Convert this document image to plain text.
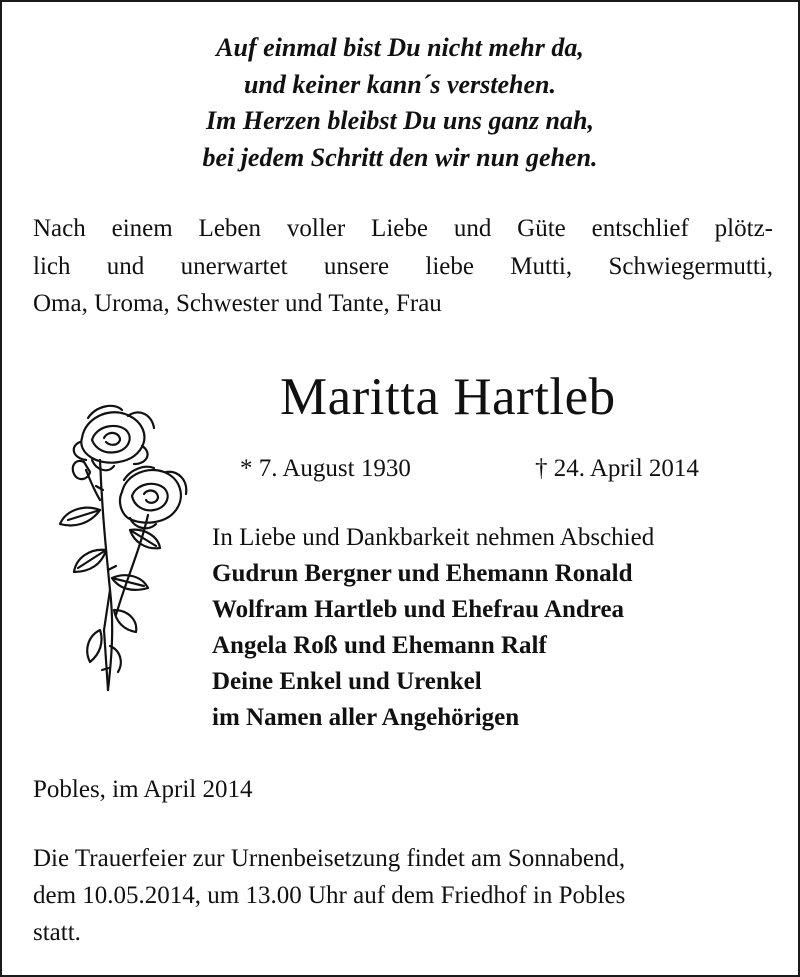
Auf einmal bist Du nicht mehr da,
und keiner kann´s verstehen.
Im Herzen bleibst Du uns ganz nah,
bei jedem Schritt den wir nun gehen.
Nach einem Leben voller Liebe und Güte entschlief plötz-
lich und unerwartet unsere liebe Mutti, Schwiegermutti,
Oma, Uroma, Schwester und Tante, Frau
Maritta Hartleb
* 7. August 1930	† 24. April 2014
In Liebe und Dankbarkeit nehmen Abschied
Gudrun Bergner und Ehemann Ronald
Wolfram Hartleb und Ehefrau Andrea
Angela Roß und Ehemann Ralf
Deine Enkel und Urenkel
im Namen aller Angehörigen
Pobles, im April 2014
Die Trauerfeier zur Urnenbeisetzung findet am Sonnabend,
dem 10.05.2014, um 13.00 Uhr auf dem Friedhof in Pobles
statt.
